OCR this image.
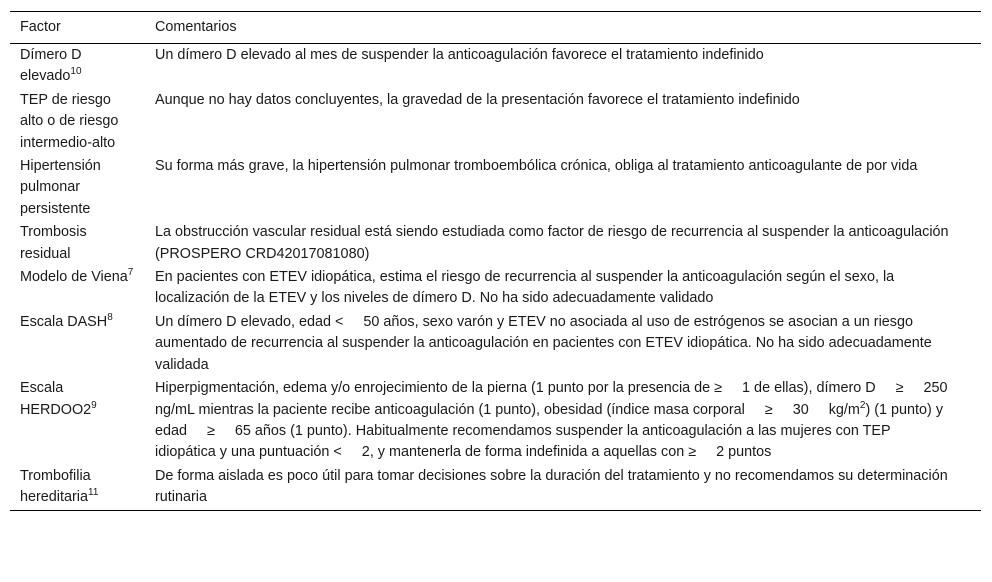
Factor	Comentarios
Dímero D elevado$^{10}$	Un dímero D elevado al mes de suspender la anticoagulación favorece el tratamiento indefinido
TEP de riesgo alto o de riesgo intermedio-alto	Aunque no hay datos concluyentes, la gravedad de la presentación favorece el tratamiento indefinido
Hipertensión pulmonar persistente	Su forma más grave, la hipertensión pulmonar tromboembólica crónica, obliga al tratamiento anticoagulante de por vida
Trombosis residual	La obstrucción vascular residual está siendo estudiada como factor de riesgo de recurrencia al suspender la anticoagulación (PROSPERO CRD42017081080)
Modelo de Viena$^7$	En pacientes con ETEV idiopática, estima el riesgo de recurrencia al suspender la anticoagulación según el sexo, la localización de la ETEV y los niveles de dímero D. No ha sido adecuadamente validado
Escala DASH$^8$	Un dímero D elevado, edad <     50 años, sexo varón y ETEV no asociada al uso de estrógenos se asocian a un riesgo aumentado de recurrencia al suspender la anticoagulación en pacientes con ETEV idiopática. No ha sido adecuadamente validada
Escala $HERDOO2^9$	Hiperpigmentación, edema y/o enrojecimiento de la pierna (1 punto por la presencia de ≥     1 de ellas), dímero D     ≥     250     ng/mL mientras la paciente recibe anticoagulación (1 punto), obesidad (índice masa corporal     ≥     30     $kg/m^2$) (1 punto) y edad     ≥     65 años (1 punto). Habitualmente recomendamos suspender la anticoagulación a las mujeres con TEP idiopática y una puntuación <     2, y mantenerla de forma indefinida a aquellas con ≥     2 puntos
Trombofilia hereditaria$^{11}$	De forma aislada es poco útil para tomar decisiones sobre la duración del tratamiento y no recomendamos su determinación rutinaria
